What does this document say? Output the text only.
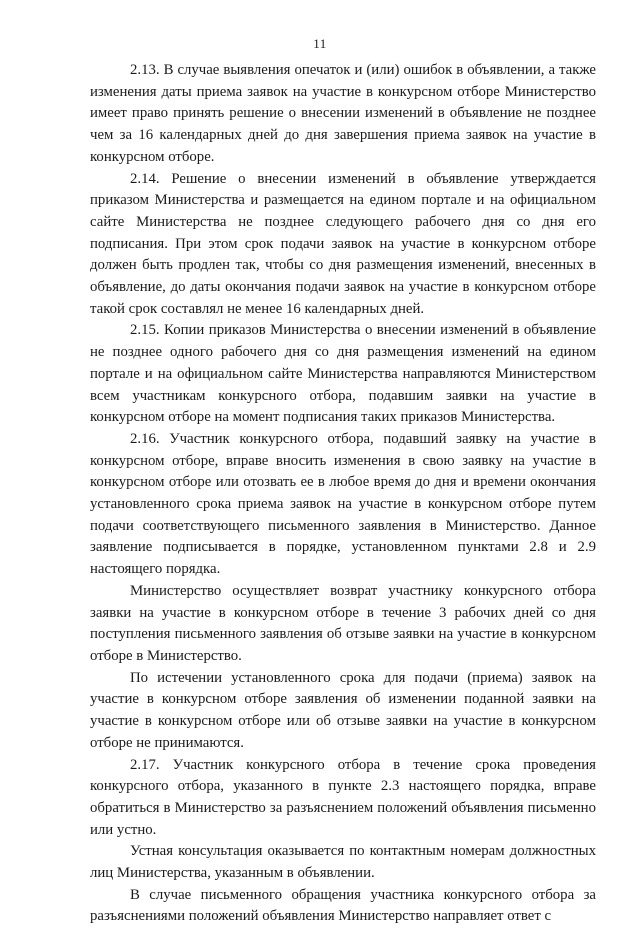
11

2.13. В случае выявления опечаток и (или) ошибок в объявлении, а также изменения даты приема заявок на участие в конкурсном отборе Министерство имеет право принять решение о внесении изменений в объявление не позднее чем за 16 календарных дней до дня завершения приема заявок на участие в конкурсном отборе.

2.14. Решение о внесении изменений в объявление утверждается приказом Министерства и размещается на едином портале и на официальном сайте Министерства не позднее следующего рабочего дня со дня его подписания. При этом срок подачи заявок на участие в конкурсном отборе должен быть продлен так, чтобы со дня размещения изменений, внесенных в объявление, до даты окончания подачи заявок на участие в конкурсном отборе такой срок составлял не менее 16 календарных дней.

2.15. Копии приказов Министерства о внесении изменений в объявление не позднее одного рабочего дня со дня размещения изменений на едином портале и на официальном сайте Министерства направляются Министерством всем участникам конкурсного отбора, подавшим заявки на участие в конкурсном отборе на момент подписания таких приказов Министерства.

2.16. Участник конкурсного отбора, подавший заявку на участие в конкурсном отборе, вправе вносить изменения в свою заявку на участие в конкурсном отборе или отозвать ее в любое время до дня и времени окончания установленного срока приема заявок на участие в конкурсном отборе путем подачи соответствующего письменного заявления в Министерство. Данное заявление подписывается в порядке, установленном пунктами 2.8 и 2.9 настоящего порядка.

Министерство осуществляет возврат участнику конкурсного отбора заявки на участие в конкурсном отборе в течение 3 рабочих дней со дня поступления письменного заявления об отзыве заявки на участие в конкурсном отборе в Министерство.

По истечении установленного срока для подачи (приема) заявок на участие в конкурсном отборе заявления об изменении поданной заявки на участие в конкурсном отборе или об отзыве заявки на участие в конкурсном отборе не принимаются.

2.17. Участник конкурсного отбора в течение срока проведения конкурсного отбора, указанного в пункте 2.3 настоящего порядка, вправе обратиться в Министерство за разъяснением положений объявления письменно или устно.

Устная консультация оказывается по контактным номерам должностных лиц Министерства, указанным в объявлении.

В случае письменного обращения участника конкурсного отбора за разъяснениями положений объявления Министерство направляет ответ с
